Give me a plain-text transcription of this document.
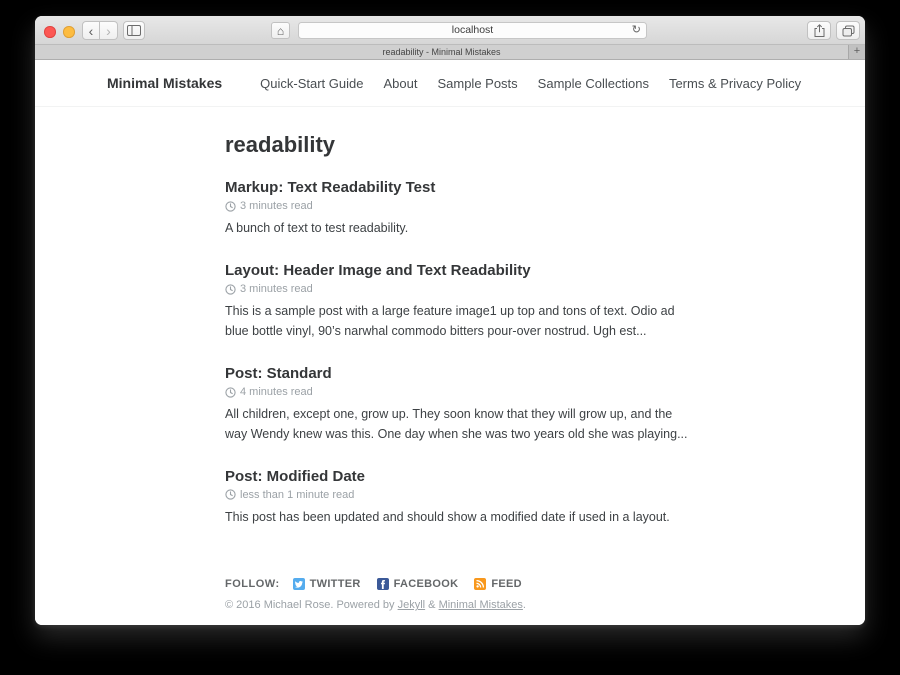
‹ ›	⌂	localhost	↻
readability - Minimal Mistakes	+
Minimal Mistakes	Quick-Start Guide About Sample Posts Sample Collections Terms & Privacy Policy
readability
Markup: Text Readability Test

3 minutes read

A bunch of text to test readability.

Layout: Header Image and Text Readability

3 minutes read

This is a sample post with a large feature image1 up top and tons of text. Odio ad blue bottle vinyl, 90’s narwhal commodo bitters pour-over nostrud. Ugh est...

Post: Standard

4 minutes read

All children, except one, grow up. They soon know that they will grow up, and the way Wendy knew was this. One day when she was two years old she was playing...

Post: Modified Date

less than 1 minute read

This post has been updated and should show a modified date if used in a layout.

FOLLOW:	TWITTER	FACEBOOK	FEED

© 2016 Michael Rose. Powered by Jekyll & Minimal Mistakes.
